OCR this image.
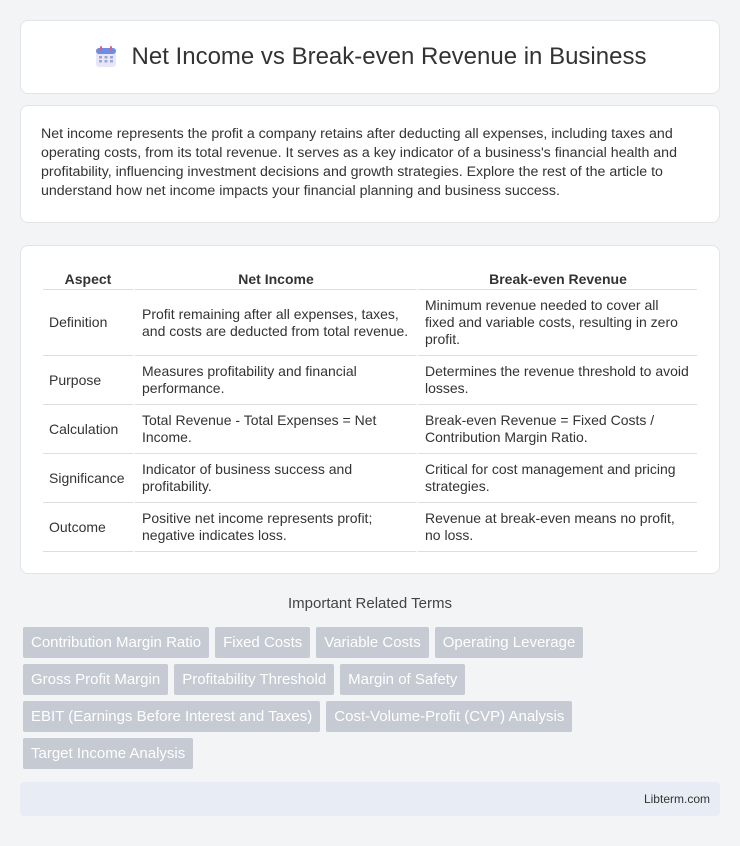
Net Income vs Break-even Revenue in Business

Net income represents the profit a company retains after deducting all expenses, including taxes and operating costs, from its total revenue. It serves as a key indicator of a business's financial health and profitability, influencing investment decisions and growth strategies. Explore the rest of the article to understand how net income impacts your financial planning and business success.

Aspect	Net Income	Break-even Revenue
Definition	Profit remaining after all expenses, taxes, and costs are deducted from total revenue.	Minimum revenue needed to cover all fixed and variable costs, resulting in zero profit.
Purpose	Measures profitability and financial performance.	Determines the revenue threshold to avoid losses.
Calculation	Total Revenue - Total Expenses = Net Income.	Break-even Revenue = Fixed Costs / Contribution Margin Ratio.
Significance	Indicator of business success and profitability.	Critical for cost management and pricing strategies.
Outcome	Positive net income represents profit; negative indicates loss.	Revenue at break-even means no profit, no loss.
Important Related Terms
Contribution Margin Ratio	Fixed Costs	Variable Costs	Operating Leverage
Gross Profit Margin	Profitability Threshold	Margin of Safety
EBIT (Earnings Before Interest and Taxes)	Cost-Volume-Profit (CVP) Analysis
Target Income Analysis
Libterm.com
